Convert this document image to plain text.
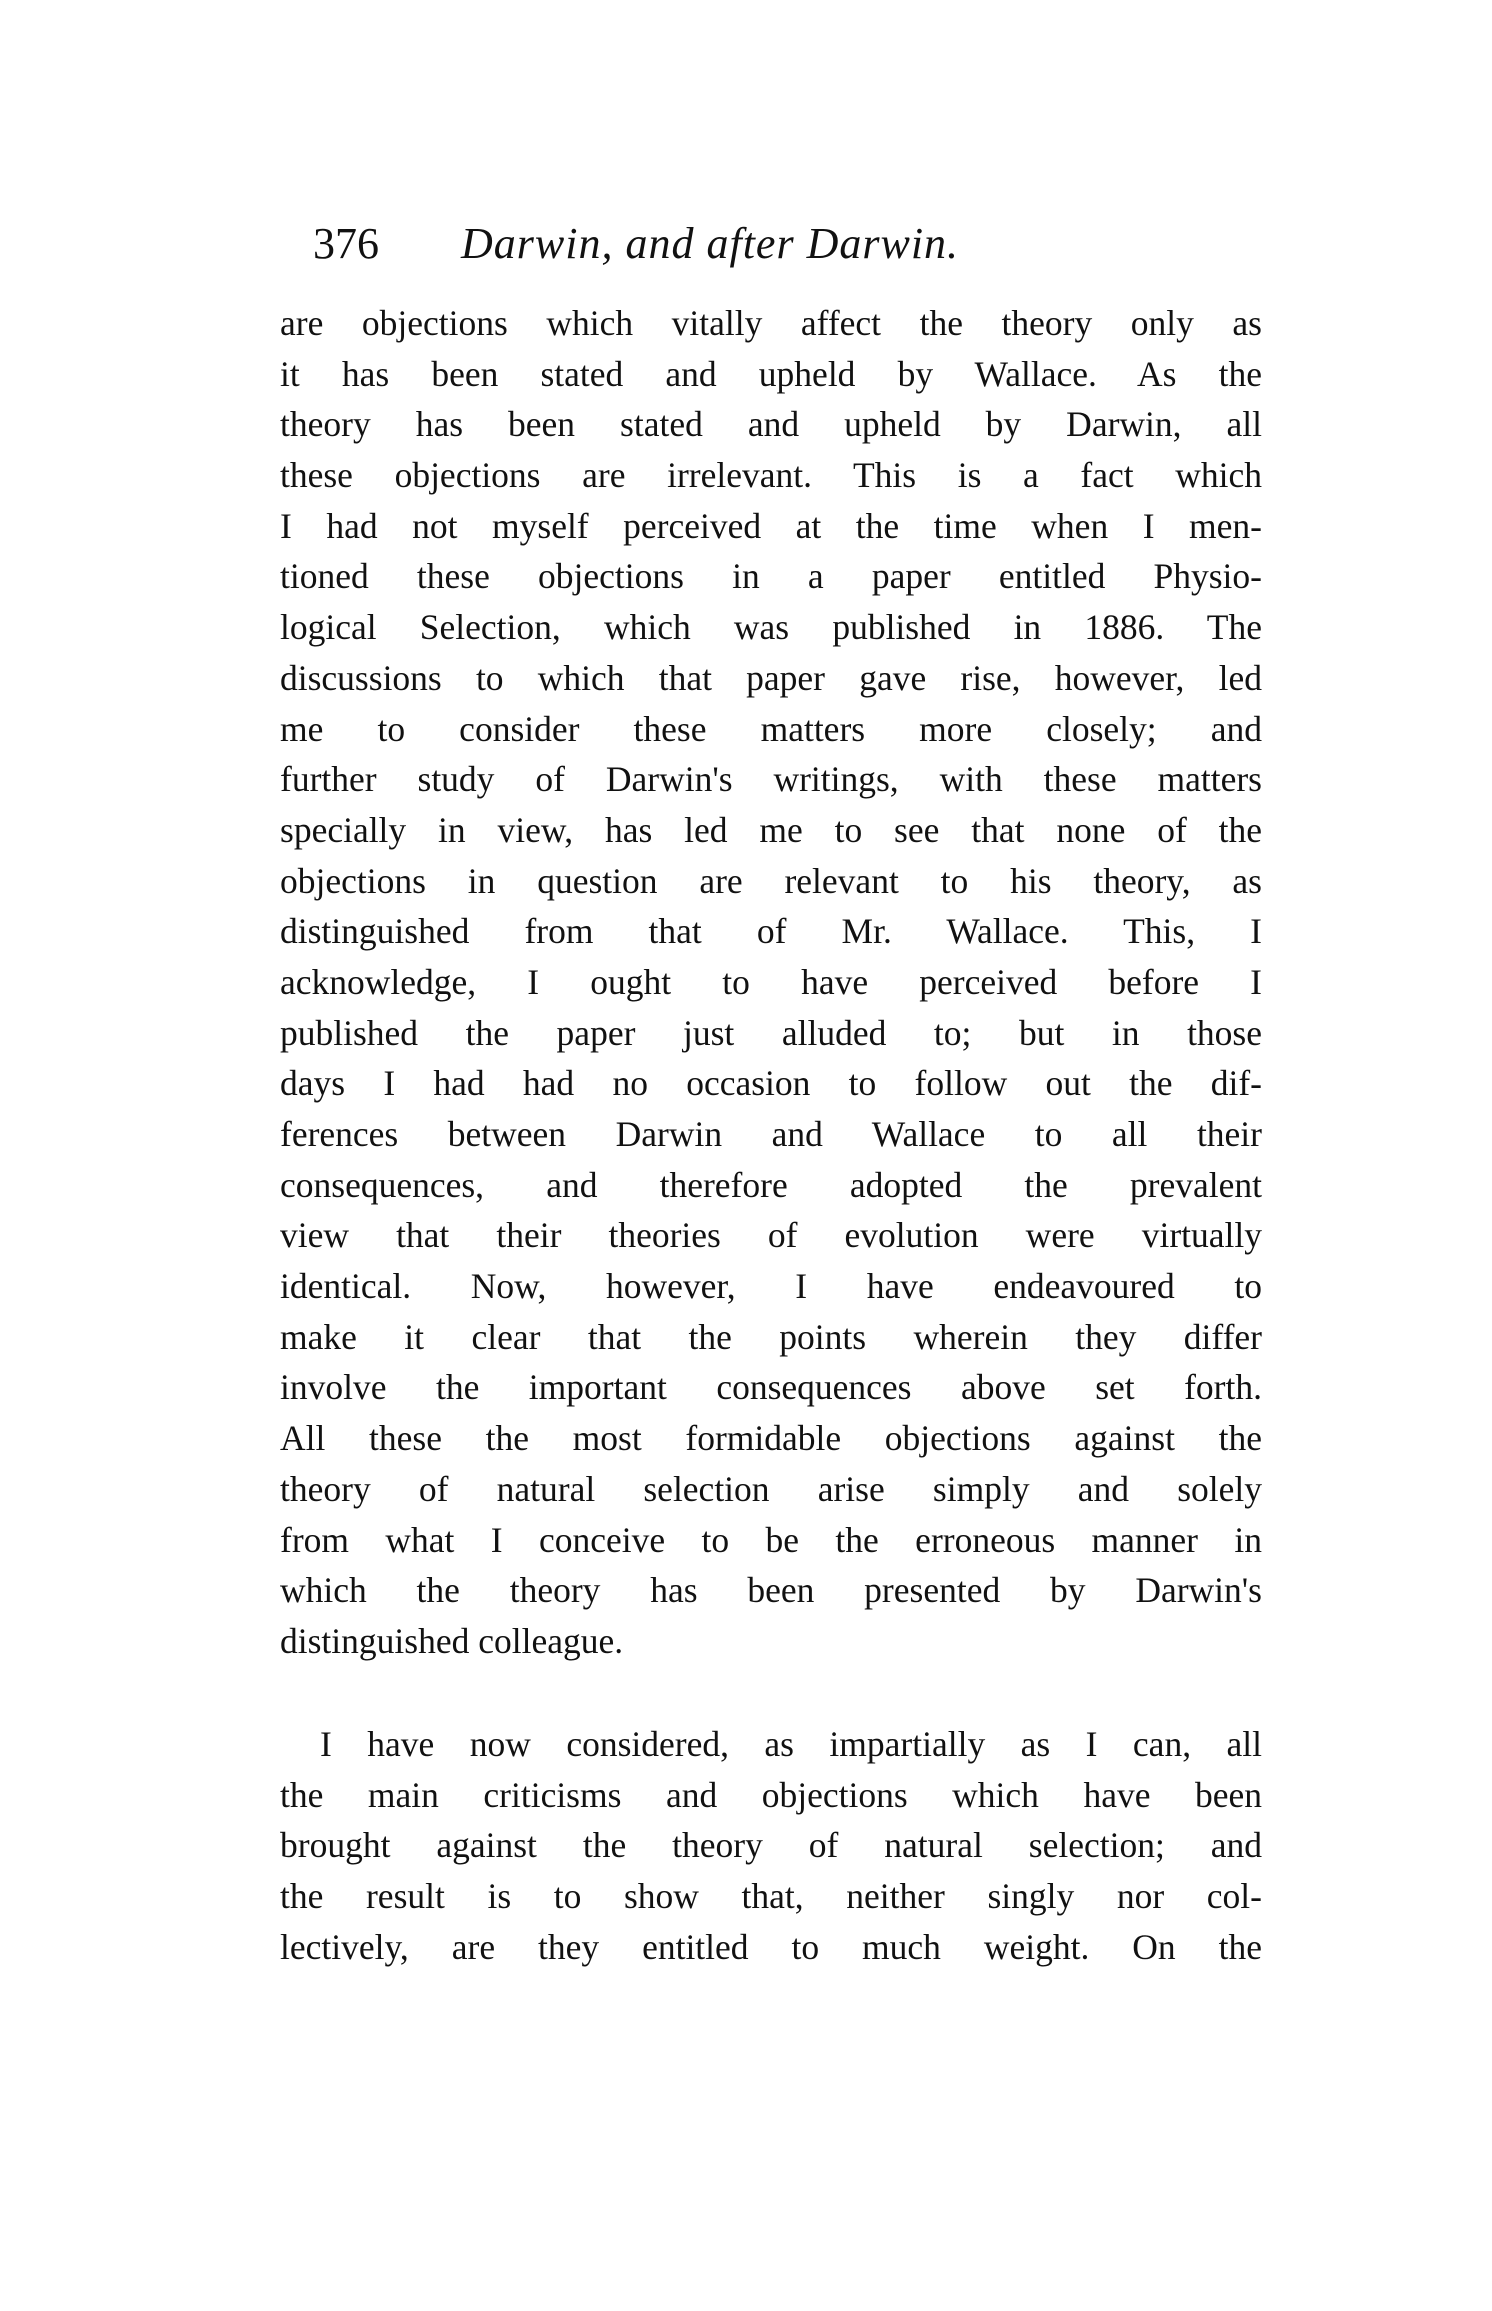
376 Darwin, and after Darwin.
are objections which vitally affect the theory only as
it has been stated and upheld by Wallace. As the
theory has been stated and upheld by Darwin, all
these objections are irrelevant. This is a fact which
I had not myself perceived at the time when I men-
tioned these objections in a paper entitled Physio-
logical Selection, which was published in 1886. The
discussions to which that paper gave rise, however, led
me to consider these matters more closely; and
further study of Darwin's writings, with these matters
specially in view, has led me to see that none of the
objections in question are relevant to his theory, as
distinguished from that of Mr. Wallace. This, I
acknowledge, I ought to have perceived before I
published the paper just alluded to; but in those
days I had had no occasion to follow out the dif-
ferences between Darwin and Wallace to all their
consequences, and therefore adopted the prevalent
view that their theories of evolution were virtually
identical. Now, however, I have endeavoured to
make it clear that the points wherein they differ
involve the important consequences above set forth.
All these the most formidable objections against the
theory of natural selection arise simply and solely
from what I conceive to be the erroneous manner in
which the theory has been presented by Darwin's
distinguished colleague.
I have now considered, as impartially as I can, all
the main criticisms and objections which have been
brought against the theory of natural selection; and
the result is to show that, neither singly nor col-
lectively, are they entitled to much weight. On the
